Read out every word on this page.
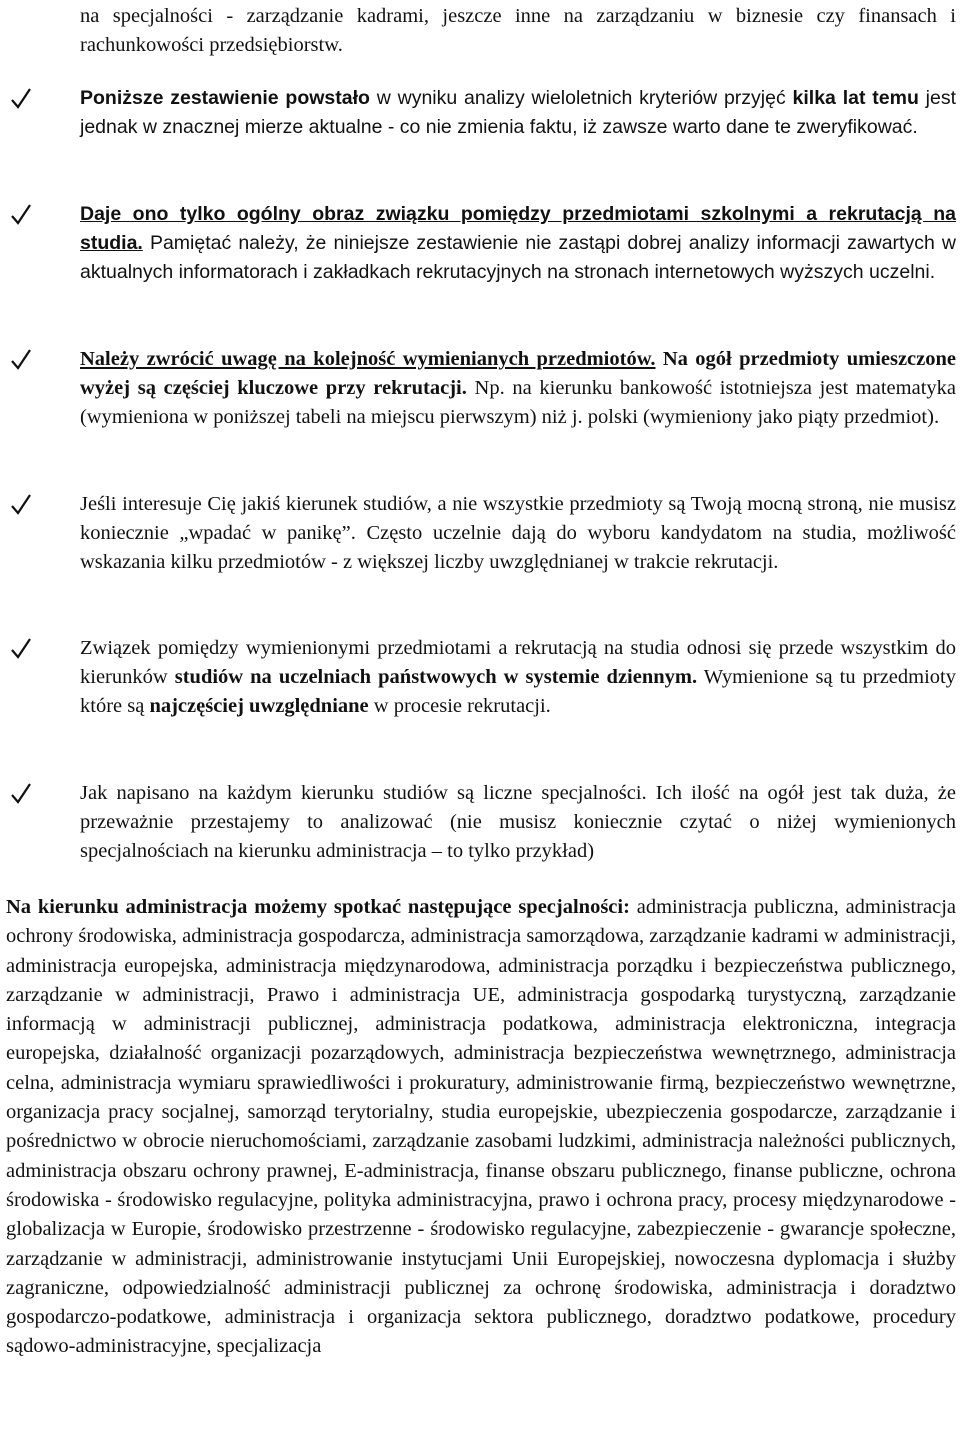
na specjalności - zarządzanie kadrami, jeszcze inne na zarządzaniu w biznesie czy finansach i rachunkowości przedsiębiorstw.

Poniższe zestawienie powstało w wyniku analizy wieloletnich kryteriów przyjęć kilka lat temu jest jednak w znacznej mierze aktualne - co nie zmienia faktu, iż zawsze warto dane te zweryfikować.

Daje ono tylko ogólny obraz związku pomiędzy przedmiotami szkolnymi a rekrutacją na studia. Pamiętać należy, że niniejsze zestawienie nie zastąpi dobrej analizy informacji zawartych w aktualnych informatorach i zakładkach rekrutacyjnych na stronach internetowych wyższych uczelni.

Należy zwrócić uwagę na kolejność wymienianych przedmiotów. Na ogół przedmioty umieszczone wyżej są częściej kluczowe przy rekrutacji. Np. na kierunku bankowość istotniejsza jest matematyka (wymieniona w poniższej tabeli na miejscu pierwszym) niż j. polski (wymieniony jako piąty przedmiot).

Jeśli interesuje Cię jakiś kierunek studiów, a nie wszystkie przedmioty są Twoją mocną stroną, nie musisz koniecznie „wpadać w panikę”. Często uczelnie dają do wyboru kandydatom na studia, możliwość wskazania kilku przedmiotów - z większej liczby uwzględnianej w trakcie rekrutacji.

Związek pomiędzy wymienionymi przedmiotami a rekrutacją na studia odnosi się przede wszystkim do kierunków studiów na uczelniach państwowych w systemie dziennym. Wymienione są tu przedmioty które są najczęściej uwzględniane w procesie rekrutacji.

Jak napisano na każdym kierunku studiów są liczne specjalności. Ich ilość na ogół jest tak duża, że przeważnie przestajemy to analizować (nie musisz koniecznie czytać o niżej wymienionych specjalnościach na kierunku administracja – to tylko przykład)

Na kierunku administracja możemy spotkać następujące specjalności: administracja publiczna, administracja ochrony środowiska, administracja gospodarcza, administracja samorządowa, zarządzanie kadrami w administracji, administracja europejska, administracja międzynarodowa, administracja porządku i bezpieczeństwa publicznego, zarządzanie w administracji, Prawo i administracja UE, administracja gospodarką turystyczną, zarządzanie informacją w administracji publicznej, administracja podatkowa, administracja elektroniczna, integracja europejska, działalność organizacji pozarządowych, administracja bezpieczeństwa wewnętrznego, administracja celna, administracja wymiaru sprawiedliwości i prokuratury, administrowanie firmą, bezpieczeństwo wewnętrzne, organizacja pracy socjalnej, samorząd terytorialny, studia europejskie, ubezpieczenia gospodarcze, zarządzanie i pośrednictwo w obrocie nieruchomościami, zarządzanie zasobami ludzkimi, administracja należności publicznych, administracja obszaru ochrony prawnej, E-administracja, finanse obszaru publicznego, finanse publiczne, ochrona środowiska - środowisko regulacyjne, polityka administracyjna, prawo i ochrona pracy, procesy międzynarodowe - globalizacja w Europie, środowisko przestrzenne - środowisko regulacyjne, zabezpieczenie - gwarancje społeczne, zarządzanie w administracji, administrowanie instytucjami Unii Europejskiej, nowoczesna dyplomacja i służby zagraniczne, odpowiedzialność administracji publicznej za ochronę środowiska, administracja i doradztwo gospodarczo-podatkowe, administracja i organizacja sektora publicznego, doradztwo podatkowe, procedury sądowo-administracyjne, specjalizacja
